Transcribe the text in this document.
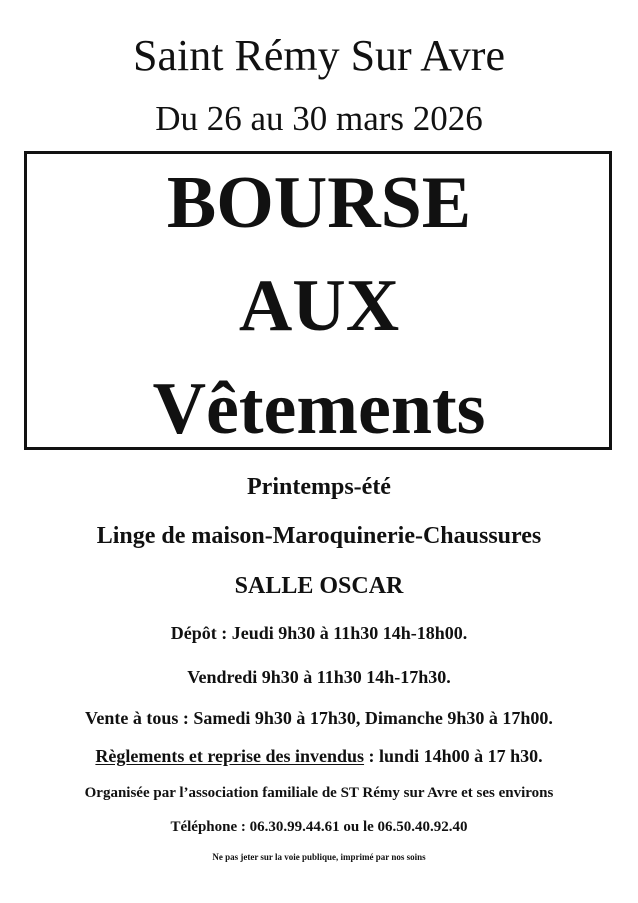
Saint Rémy Sur Avre
Du 26 au 30 mars 2026
BOURSE
AUX
Vêtements
Printemps-été
Linge de maison-Maroquinerie-Chaussures
SALLE OSCAR
Dépôt : Jeudi 9h30 à 11h30 14h-18h00.
Vendredi 9h30 à 11h30 14h-17h30.
Vente à tous : Samedi 9h30 à 17h30, Dimanche 9h30 à 17h00.
Règlements et reprise des invendus : lundi 14h00 à 17 h30.
Organisée par l’association familiale de ST Rémy sur Avre et ses environs
Téléphone : 06.30.99.44.61 ou le 06.50.40.92.40
Ne pas jeter sur la voie publique, imprimé par nos soins
